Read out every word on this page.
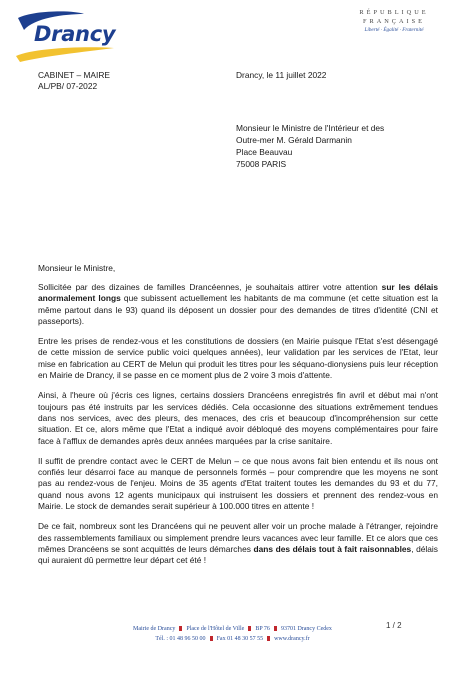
Drancy
RÉPUBLIQUE
FRANÇAISE
Liberté · Égalité · Fraternité
CABINET – MAIRE
AL/PB/ 07-2022
Drancy, le 11 juillet 2022
Monsieur le Ministre de l'Intérieur et des
Outre-mer M. Gérald Darmanin
Place Beauvau
75008 PARIS
Monsieur le Ministre,

Sollicitée par des dizaines de familles Drancéennes, je souhaitais attirer votre attention sur les délais anormalement longs que subissent actuellement les habitants de ma commune (et cette situation est la même partout dans le 93) quand ils déposent un dossier pour des demandes de titres d'identité (CNI et passeports).

Entre les prises de rendez-vous et les constitutions de dossiers (en Mairie puisque l'Etat s'est désengagé de cette mission de service public voici quelques années), leur validation par les services de l'Etat, leur mise en fabrication au CERT de Melun qui produit les titres pour les séquano-dionysiens puis leur réception en Mairie de Drancy, il se passe en ce moment plus de 2 voire 3 mois d'attente.

Ainsi, à l'heure où j'écris ces lignes, certains dossiers Drancéens enregistrés fin avril et début mai n'ont toujours pas été instruits par les services dédiés. Cela occasionne des situations extrêmement tendues dans nos services, avec des pleurs, des menaces, des cris et beaucoup d'incompréhension sur cette situation. Et ce, alors même que l'Etat a indiqué avoir débloqué des moyens complémentaires pour faire face à l'afflux de demandes après deux années marquées par la crise sanitaire.

Il suffit de prendre contact avec le CERT de Melun – ce que nous avons fait bien entendu et ils nous ont confiés leur désarroi face au manque de personnels formés – pour comprendre que les moyens ne sont pas au rendez-vous de l'enjeu. Moins de 35 agents d'Etat traitent toutes les demandes du 93 et du 77, quand nous avons 12 agents municipaux qui instruisent les dossiers et prennent des rendez-vous en Mairie. Le stock de demandes serait supérieur à 100.000 titres en attente !

De ce fait, nombreux sont les Drancéens qui ne peuvent aller voir un proche malade à l'étranger, rejoindre des rassemblements familiaux ou simplement prendre leurs vacances avec leur famille. Et ce alors que ces mêmes Drancéens se sont acquittés de leurs démarches dans des délais tout à fait raisonnables, délais qui auraient dû permettre leur départ cet été !

1 / 2
Mairie de Drancy Place de l'Hôtel de Ville BP 76 93701 Drancy Cedex
Tél. : 01 48 96 50 00 Fax 01 48 30 57 55 www.drancy.fr
